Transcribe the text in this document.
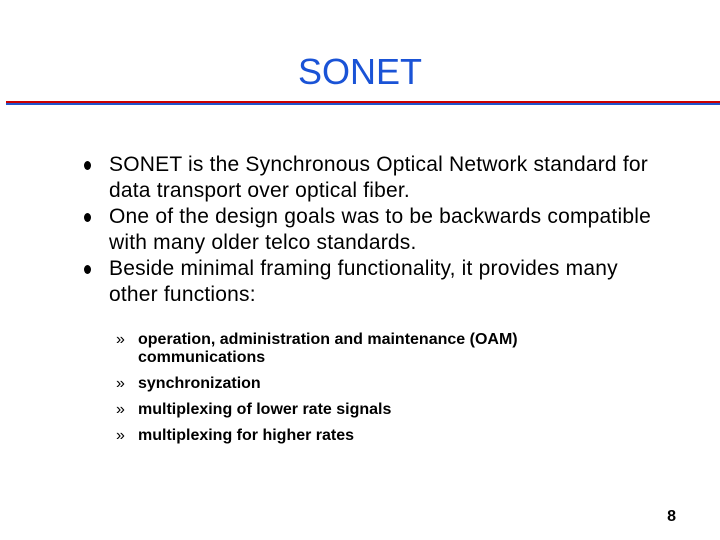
SONET
SONET is the Synchronous Optical Network standard for data transport over optical fiber.
One of the design goals was to be backwards compatible with many older telco standards.
Beside minimal framing functionality, it provides many other functions:
» operation, administration and maintenance (OAM) communications
» synchronization
» multiplexing of lower rate signals
» multiplexing for higher rates
8
